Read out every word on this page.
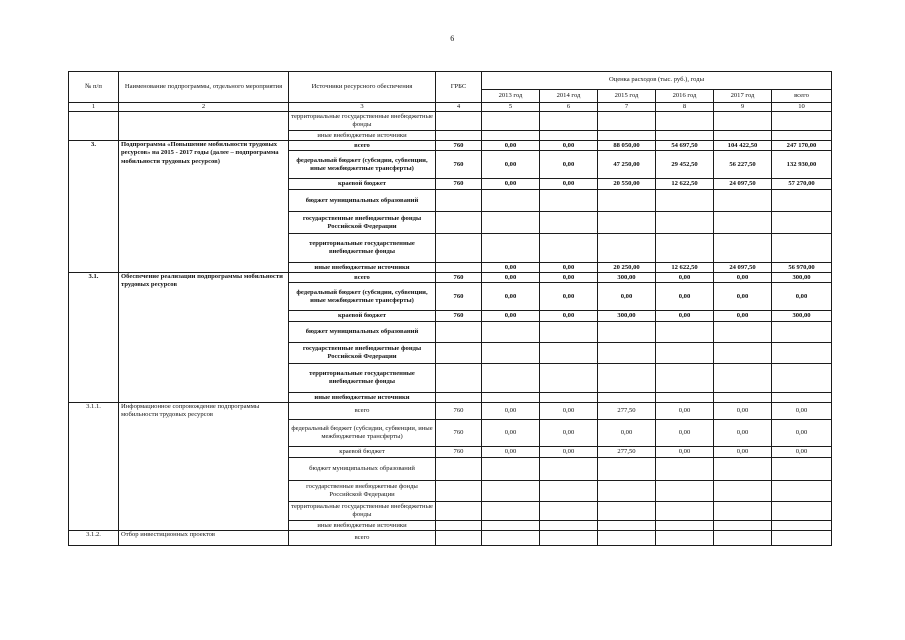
6
№ п/п	Наименование подпрограммы, отдельного мероприятия	Источники ресурсного обеспечения	ГРБС	Оценка расходов (тыс. руб.), годы					
				2013 год	2014 год	2015 год	2016 год	2017 год	всего
1	2	3	4	5	6	7	8	9	10
		территориальные государственные внебюджетные фонды							
		иные внебюджетные источники							
3.	Подпрограмма «Повышение мобильности трудовых ресурсов» на 2015 - 2017 годы (далее – подпрограмма мобильности трудовых ресурсов)	всего	760	0,00	0,00	88 050,00	54 697,50	104 422,50	247 170,00
		федеральный бюджет (субсидии, субвенции, иные межбюджетные трансферты)	760	0,00	0,00	47 250,00	29 452,50	56 227,50	132 930,00
		краевой бюджет	760	0,00	0,00	20 550,00	12 622,50	24 097,50	57 270,00
		бюджет муниципальных образований							
		государственные внебюджетные фонды Российской Федерации							
		территориальные государственные внебюджетные фонды							
		иные внебюджетные источники		0,00	0,00	20 250,00	12 622,50	24 097,50	56 970,00
3.1.	Обеспечение реализации подпрограммы мобильности трудовых ресурсов	всего	760	0,00	0,00	300,00	0,00	0,00	300,00
		федеральный бюджет (субсидии, субвенции, иные межбюджетные трансферты)	760	0,00	0,00	0,00	0,00	0,00	0,00
		краевой бюджет	760	0,00	0,00	300,00	0,00	0,00	300,00
		бюджет муниципальных образований							
		государственные внебюджетные фонды Российской Федерации							
		территориальные государственные внебюджетные фонды							
		иные внебюджетные источники							
3.1.1.	Информационное сопровождение подпрограммы мобильности трудовых ресурсов	всего	760	0,00	0,00	277,50	0,00	0,00	0,00
		федеральный бюджет (субсидии, субвенции, иные межбюджетные трансферты)	760	0,00	0,00	0,00	0,00	0,00	0,00
		краевой бюджет	760	0,00	0,00	277,50	0,00	0,00	0,00
		бюджет муниципальных образований							
		государственные внебюджетные фонды Российской Федерации							
		территориальные государственные внебюджетные фонды							
		иные внебюджетные источники							
3.1.2.	Отбор инвестиционных проектов	всего							
